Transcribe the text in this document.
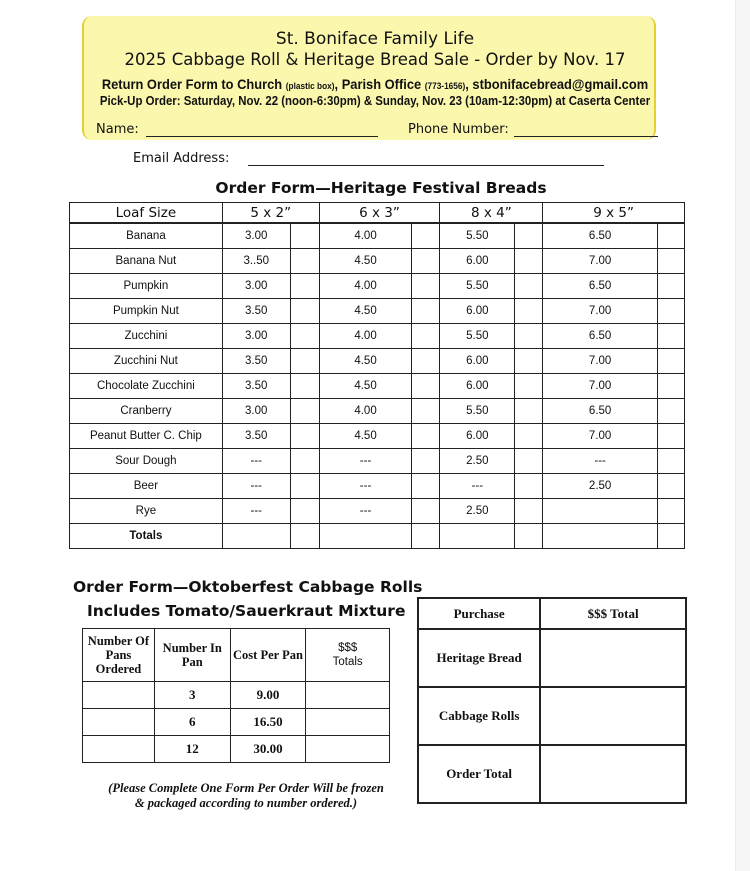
St. Boniface Family Life
2025 Cabbage Roll & Heritage Bread Sale - Order by Nov. 17
Return Order Form to Church (plastic box), Parish Office (773-1656), stbonifacebread@gmail.com
Pick-Up Order: Saturday, Nov. 22 (noon-6:30pm) & Sunday, Nov. 23 (10am-12:30pm) at Caserta Center
Name:	Phone Number:
Email Address:
Order Form—Heritage Festival Breads
Loaf Size	5 x 2”		6 x 3”		8 x 4”		9 x 5”	
Banana	3.00		4.00		5.50		6.50	
Banana Nut	3..50		4.50		6.00		7.00	
Pumpkin	3.00		4.00		5.50		6.50	
Pumpkin Nut	3.50		4.50		6.00		7.00	
Zucchini	3.00		4.00		5.50		6.50	
Zucchini Nut	3.50		4.50		6.00		7.00	
Chocolate Zucchini	3.50		4.50		6.00		7.00	
Cranberry	3.00		4.00		5.50		6.50	
Peanut Butter C. Chip	3.50		4.50		6.00		7.00	
Sour Dough	---		---		2.50		---	
Beer	---		---		---		2.50	
Rye	---		---		2.50			
Totals								
Order Form—Oktoberfest Cabbage Rolls
Includes Tomato/Sauerkraut Mixture
Number Of Pans Ordered	Number In Pan	Cost Per Pan	$$$
Totals
	3	9.00	
	6	16.50	
	12	30.00	
(Please Complete One Form Per Order Will be frozen & packaged according to number ordered.)
Purchase	$$$ Total
Heritage Bread	
Cabbage Rolls	
Order Total	
